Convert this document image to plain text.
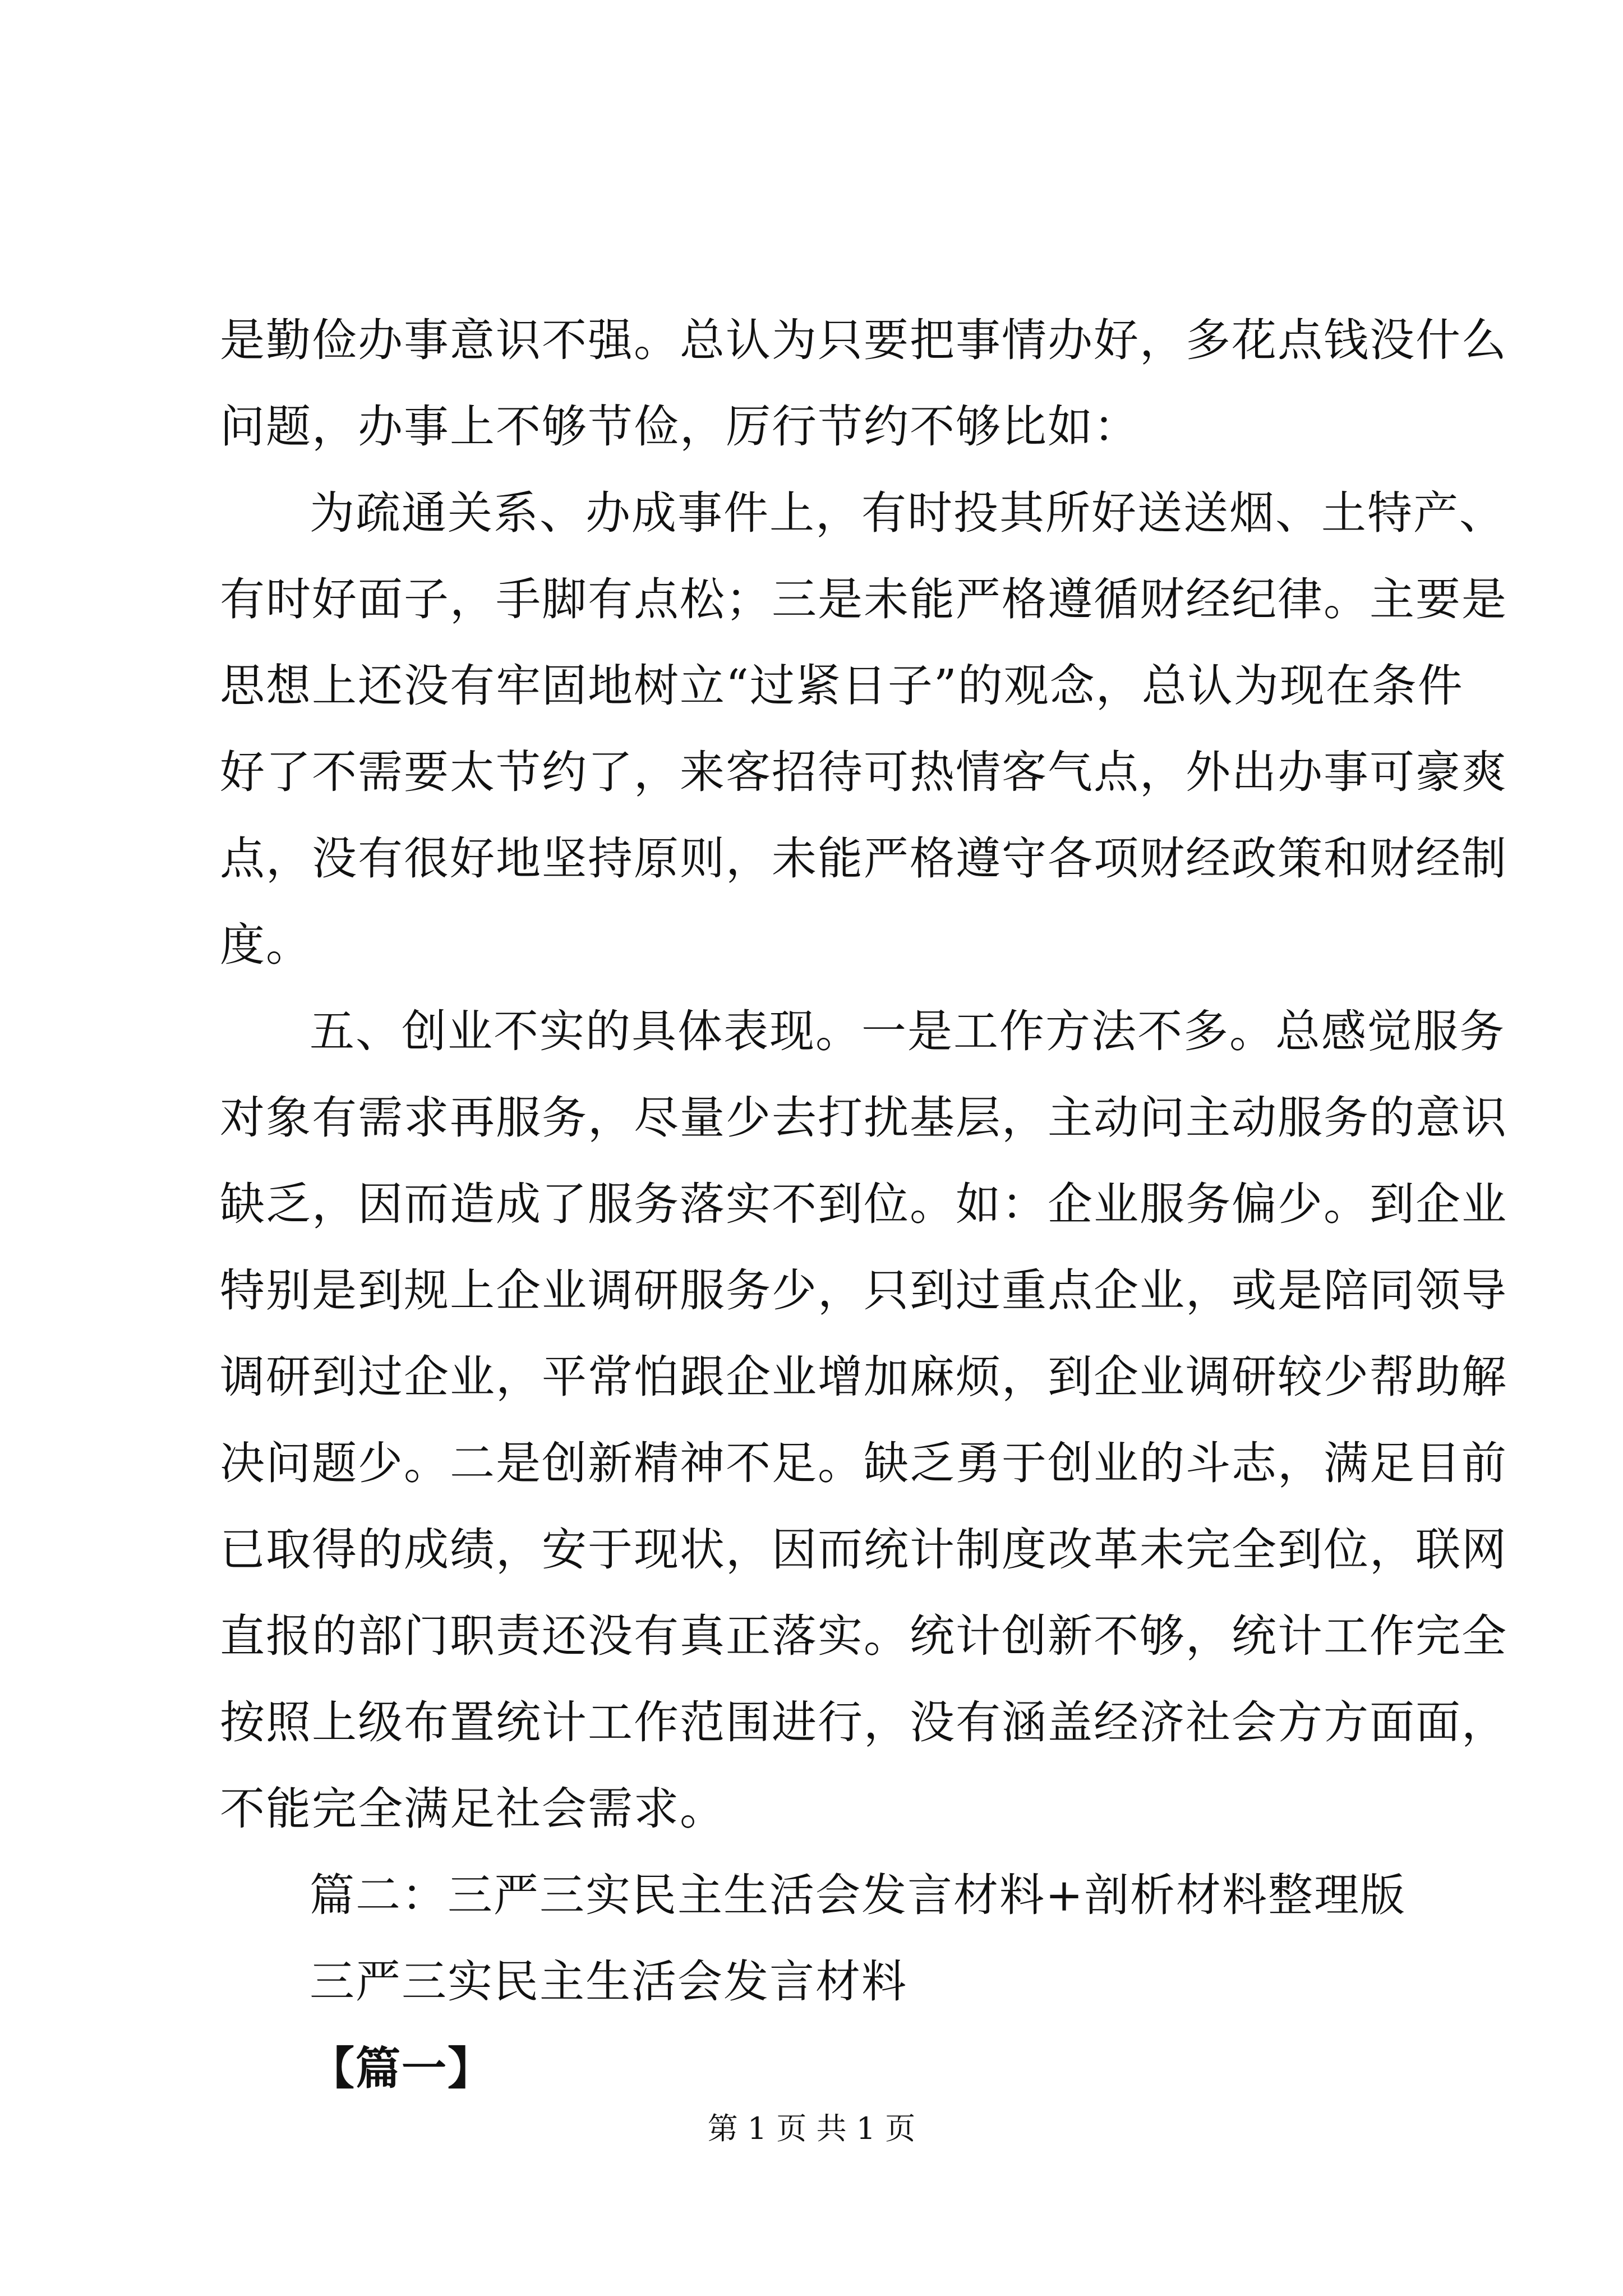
是勤俭办事意识不强。总认为只要把事情办好，多花点钱没什么
问题，办事上不够节俭，厉行节约不够比如：
为疏通关系、办成事件上，有时投其所好送送烟、土特产、
有时好面子，手脚有点松；三是未能严格遵循财经纪律。主要是
思想上还没有牢固地树立“过紧日子”的观念，总认为现在条件
好了不需要太节约了，来客招待可热情客气点，外出办事可豪爽
点，没有很好地坚持原则，未能严格遵守各项财经政策和财经制
度。
五、创业不实的具体表现。一是工作方法不多。总感觉服务
对象有需求再服务，尽量少去打扰基层，主动问主动服务的意识
缺乏，因而造成了服务落实不到位。如：企业服务偏少。到企业
特别是到规上企业调研服务少，只到过重点企业，或是陪同领导
调研到过企业，平常怕跟企业增加麻烦，到企业调研较少帮助解
决问题少。二是创新精神不足。缺乏勇于创业的斗志，满足目前
已取得的成绩，安于现状，因而统计制度改革未完全到位，联网
直报的部门职责还没有真正落实。统计创新不够，统计工作完全
按照上级布置统计工作范围进行，没有涵盖经济社会方方面面，
不能完全满足社会需求。

篇二：三严三实民主生活会发言材料+剖析材料整理版

三严三实民主生活会发言材料

【篇一】

第 1 页 共 1 页
